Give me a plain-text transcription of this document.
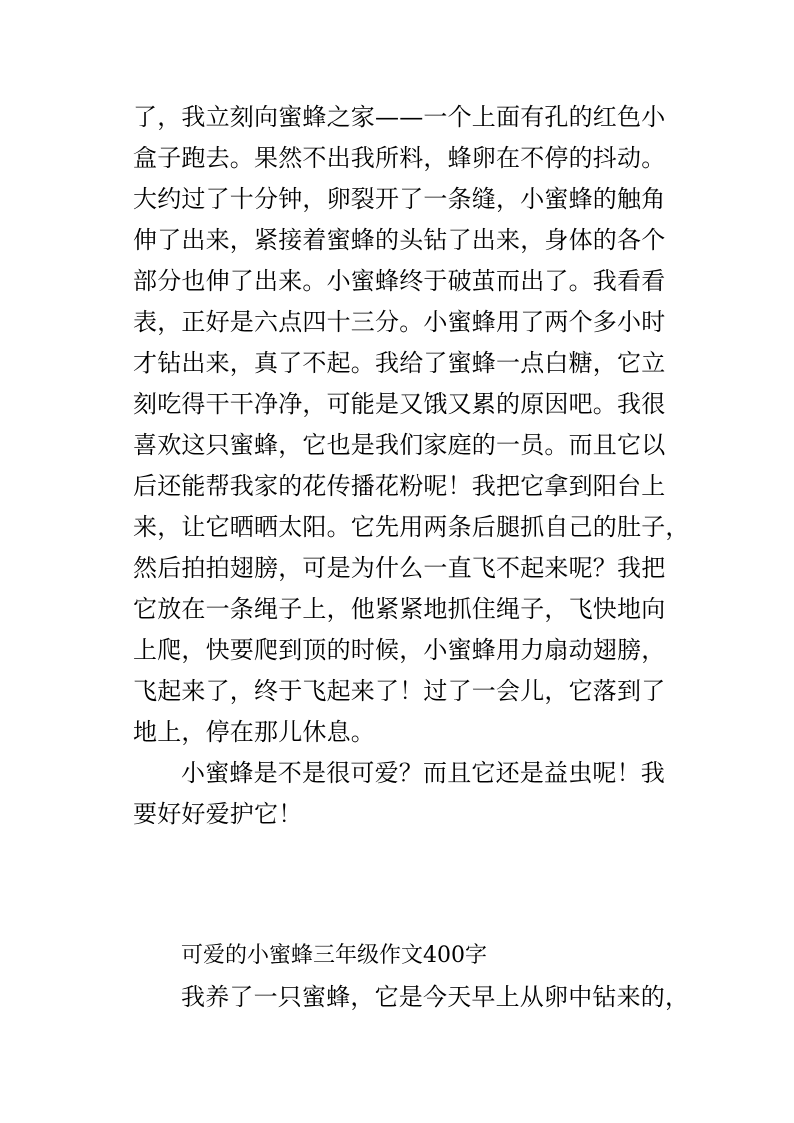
了，我立刻向蜜蜂之家——一个上面有孔的红色小
盒子跑去。果然不出我所料，蜂卵在不停的抖动。
大约过了十分钟，卵裂开了一条缝，小蜜蜂的触角
伸了出来，紧接着蜜蜂的头钻了出来，身体的各个
部分也伸了出来。小蜜蜂终于破茧而出了。我看看
表，正好是六点四十三分。小蜜蜂用了两个多小时
才钻出来，真了不起。我给了蜜蜂一点白糖，它立
刻吃得干干净净，可能是又饿又累的原因吧。我很
喜欢这只蜜蜂，它也是我们家庭的一员。而且它以
后还能帮我家的花传播花粉呢！我把它拿到阳台上
来，让它晒晒太阳。它先用两条后腿抓自己的肚子，
然后拍拍翅膀，可是为什么一直飞不起来呢？我把
它放在一条绳子上，他紧紧地抓住绳子，飞快地向
上爬，快要爬到顶的时候，小蜜蜂用力扇动翅膀，
飞起来了，终于飞起来了！过了一会儿，它落到了
地上，停在那儿休息。
小蜜蜂是不是很可爱？而且它还是益虫呢！我
要好好爱护它！
可爱的小蜜蜂三年级作文400字
我养了一只蜜蜂，它是今天早上从卵中钻来的，
